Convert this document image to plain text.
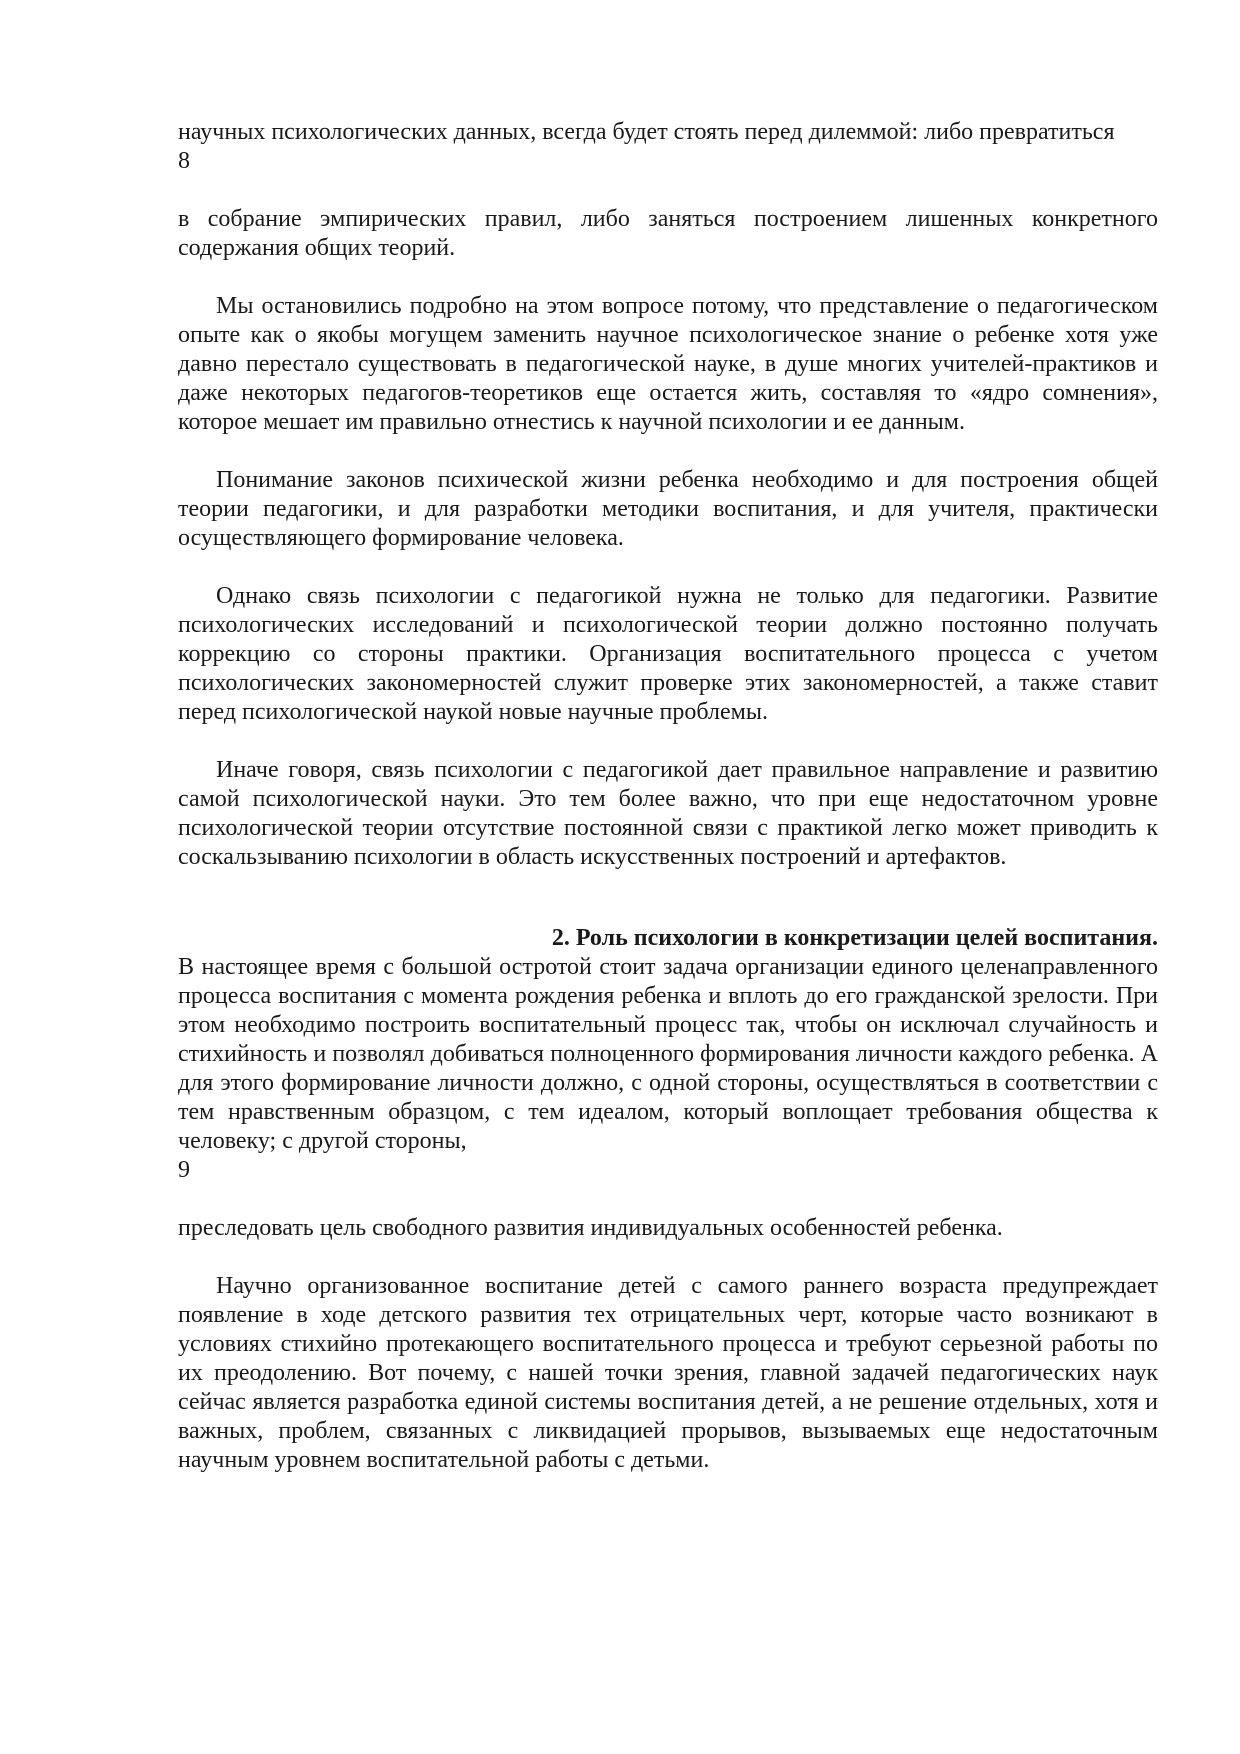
научных психологических данных, всегда будет стоять перед дилеммой: либо превратиться

8

в собрание эмпирических правил, либо заняться построением лишенных конкретного содержания общих теорий.

Мы остановились подробно на этом вопросе потому, что представление о педагогическом опыте как о якобы могущем заменить научное психологическое знание о ребенке хотя уже давно перестало существовать в педагогической науке, в душе многих учителей-практиков и даже некоторых педагогов-теоретиков еще остается жить, составляя то «ядро сомнения», которое мешает им правильно отнестись к научной психологии и ее данным.

Понимание законов психической жизни ребенка необходимо и для построения общей теории педагогики, и для разработки методики воспитания, и для учителя, практически осуществляющего формирование человека.

Однако связь психологии с педагогикой нужна не только для педагогики. Развитие психологических исследований и психологической теории должно постоянно получать коррекцию со стороны практики. Организация воспитательного процесса с учетом психологических закономерностей служит проверке этих закономерностей, а также ставит перед психологической наукой новые научные проблемы.

Иначе говоря, связь психологии с педагогикой дает правильное направление и развитию самой психологической науки. Это тем более важно, что при еще недостаточном уровне психологической теории отсутствие постоянной связи с практикой легко может приводить к соскальзыванию психологии в область искусственных построений и артефактов.

2. Роль психологии в конкретизации целей воспитания.

В настоящее время с большой остротой стоит задача организации единого целенаправленного процесса воспитания с момента рождения ребенка и вплоть до его гражданской зрелости. При этом необходимо построить воспитательный процесс так, чтобы он исключал случайность и стихийность и позволял добиваться полноценного формирования личности каждого ребенка. А для этого формирование личности должно, с одной стороны, осуществляться в соответствии с тем нравственным образцом, с тем идеалом, который воплощает требования общества к человеку; с другой стороны,

9

преследовать цель свободного развития индивидуальных особенностей ребенка.

Научно организованное воспитание детей с самого раннего возраста предупреждает появление в ходе детского развития тех отрицательных черт, которые часто возникают в условиях стихийно протекающего воспитательного процесса и требуют серьезной работы по их преодолению. Вот почему, с нашей точки зрения, главной задачей педагогических наук сейчас является разработка единой системы воспитания детей, а не решение отдельных, хотя и важных, проблем, связанных с ликвидацией прорывов, вызываемых еще недостаточным научным уровнем воспитательной работы с детьми.
